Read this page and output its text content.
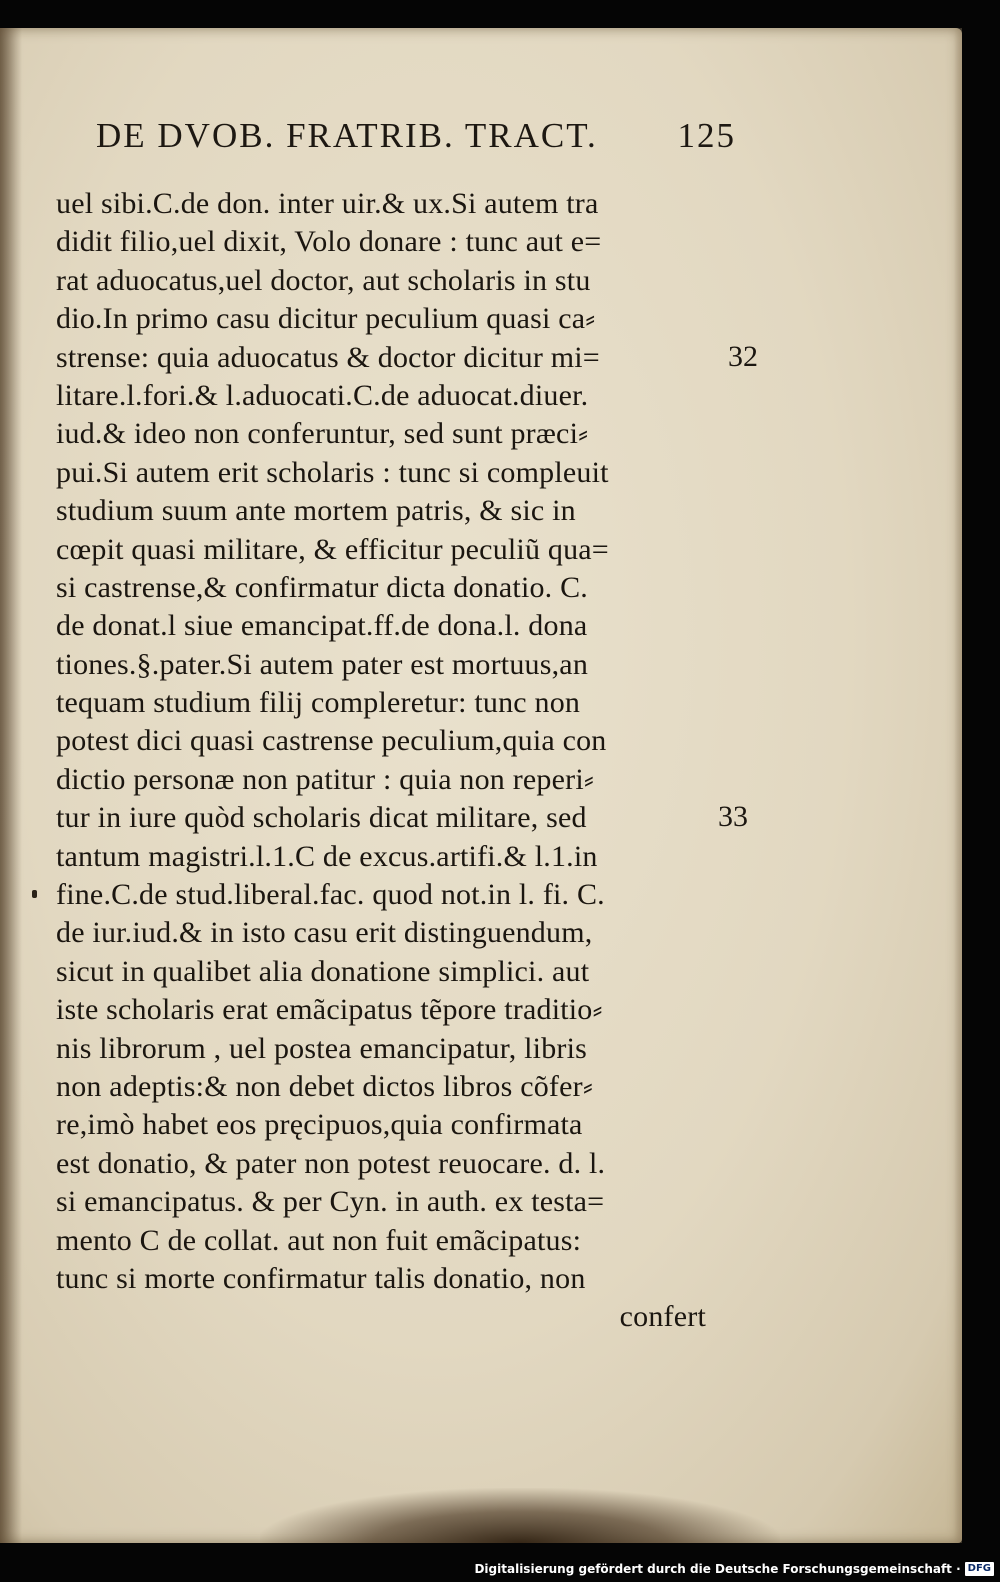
DE DVOB. FRATRIB. TRACT. 125
uel sibi.C.de don. inter uir.& ux.Si autem tra
didit filio,uel dixit, Volo donare : tunc aut e=
rat aduocatus,uel doctor, aut scholaris in stu
dio.In primo casu dicitur peculium quasi ca⸗
strense: quia aduocatus & doctor dicitur mi=
litare.l.fori.& l.aduocati.C.de aduocat.diuer.
iud.& ideo non conferuntur, sed sunt præci⸗
pui.Si autem erit scholaris : tunc si compleuit
studium suum ante mortem patris, & sic in
cœpit quasi militare, & efficitur peculiũ qua=
si castrense,& confirmatur dicta donatio. C.
de donat.l siue emancipat.ff.de dona.l. dona
tiones.§.pater.Si autem pater est mortuus,an
tequam studium filij compleretur: tunc non
potest dici quasi castrense peculium,quia con
dictio personæ non patitur : quia non reperi⸗
tur in iure quòd scholaris dicat militare, sed
tantum magistri.l.1.C de excus.artifi.& l.1.in
fine.C.de stud.liberal.fac. quod not.in l. fi. C.
de iur.iud.& in isto casu erit distinguendum,
sicut in qualibet alia donatione simplici. aut
iste scholaris erat emãcipatus tẽpore traditio⸗
nis librorum , uel postea emancipatur, libris
non adeptis:& non debet dictos libros cõfer⸗
re,imò habet eos pręcipuos,quia confirmata
est donatio, & pater non potest reuocare. d. l.
si emancipatus. & per Cyn. in auth. ex testa=
mento C de collat. aut non fuit emãcipatus:
tunc si morte confirmatur talis donatio, non
confert
32
33
Digitalisierung gefördert durch die Deutsche Forschungsgemeinschaft · DFG
